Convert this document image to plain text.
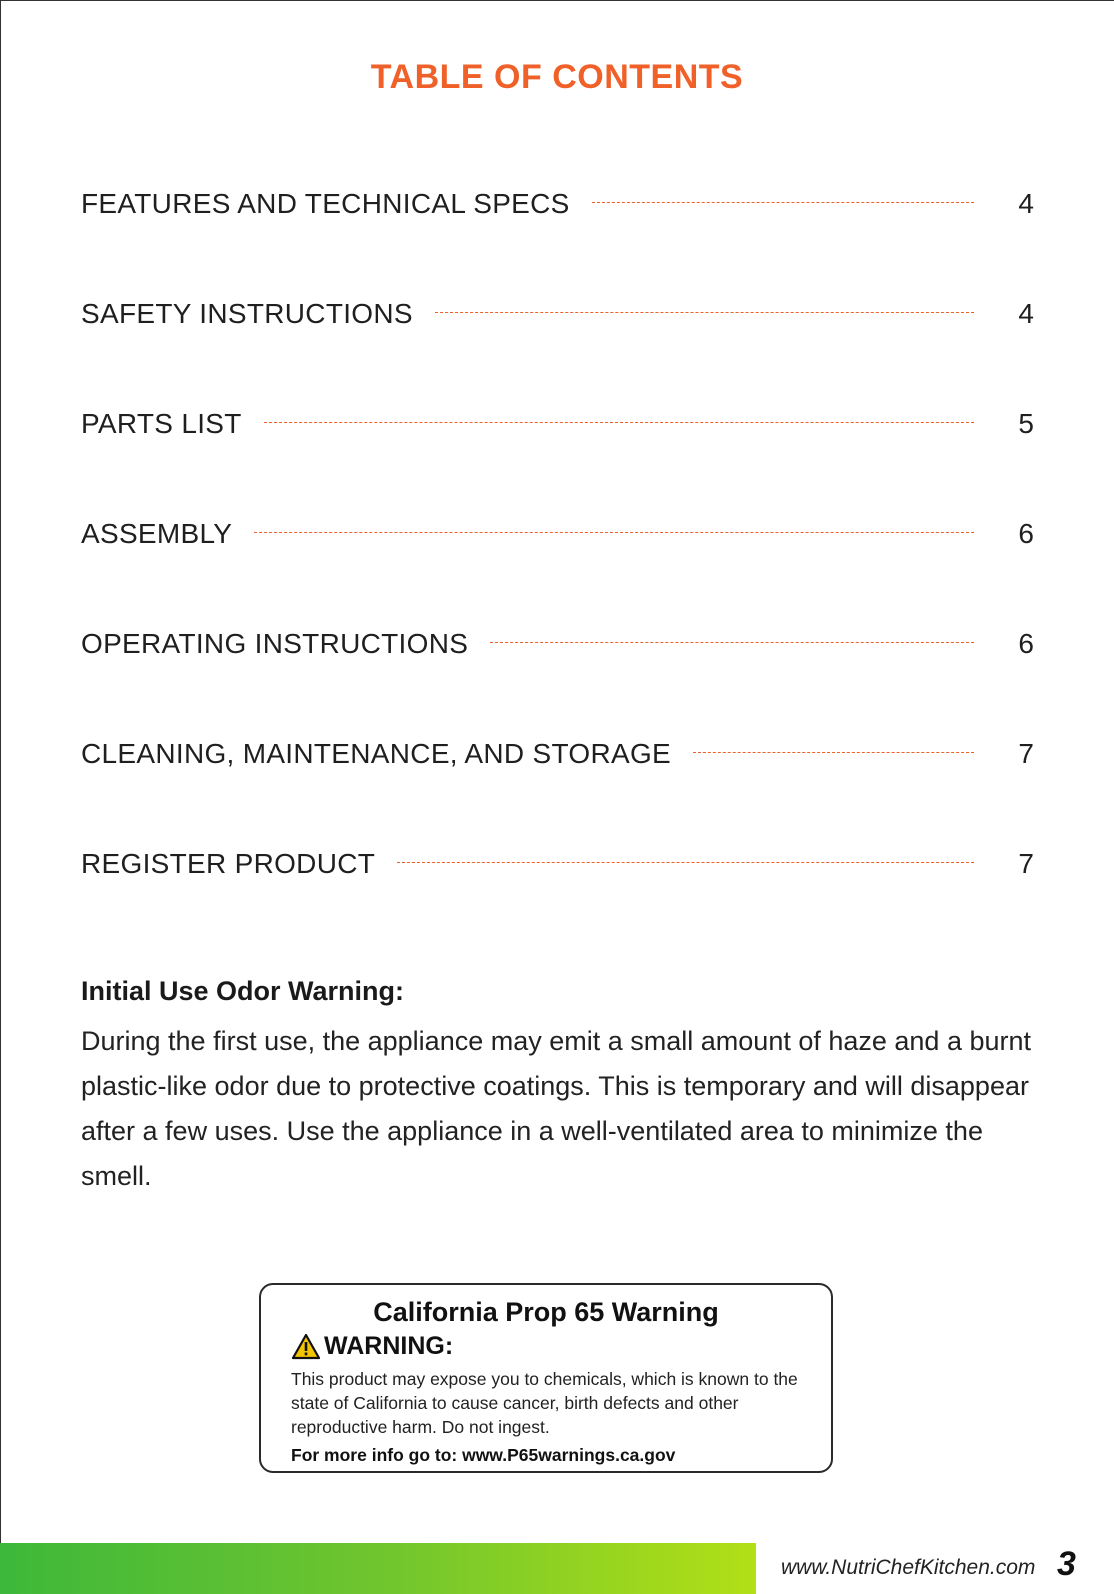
TABLE OF CONTENTS
FEATURES AND TECHNICAL SPECS	4
SAFETY INSTRUCTIONS	4
PARTS LIST	5
ASSEMBLY	6
OPERATING INSTRUCTIONS	6
CLEANING, MAINTENANCE, AND STORAGE	7
REGISTER PRODUCT	7
Initial Use Odor Warning:
During the first use, the appliance may emit a small amount of haze and a burnt plastic-like odor due to protective coatings. This is temporary and will disappear after a few uses. Use the appliance in a well-ventilated area to minimize the smell.
California Prop 65 Warning
WARNING:
This product may expose you to chemicals, which is known to the state of California to cause cancer, birth defects and other reproductive harm. Do not ingest.
For more info go to: www.P65warnings.ca.gov
www.NutriChefKitchen.com 3
